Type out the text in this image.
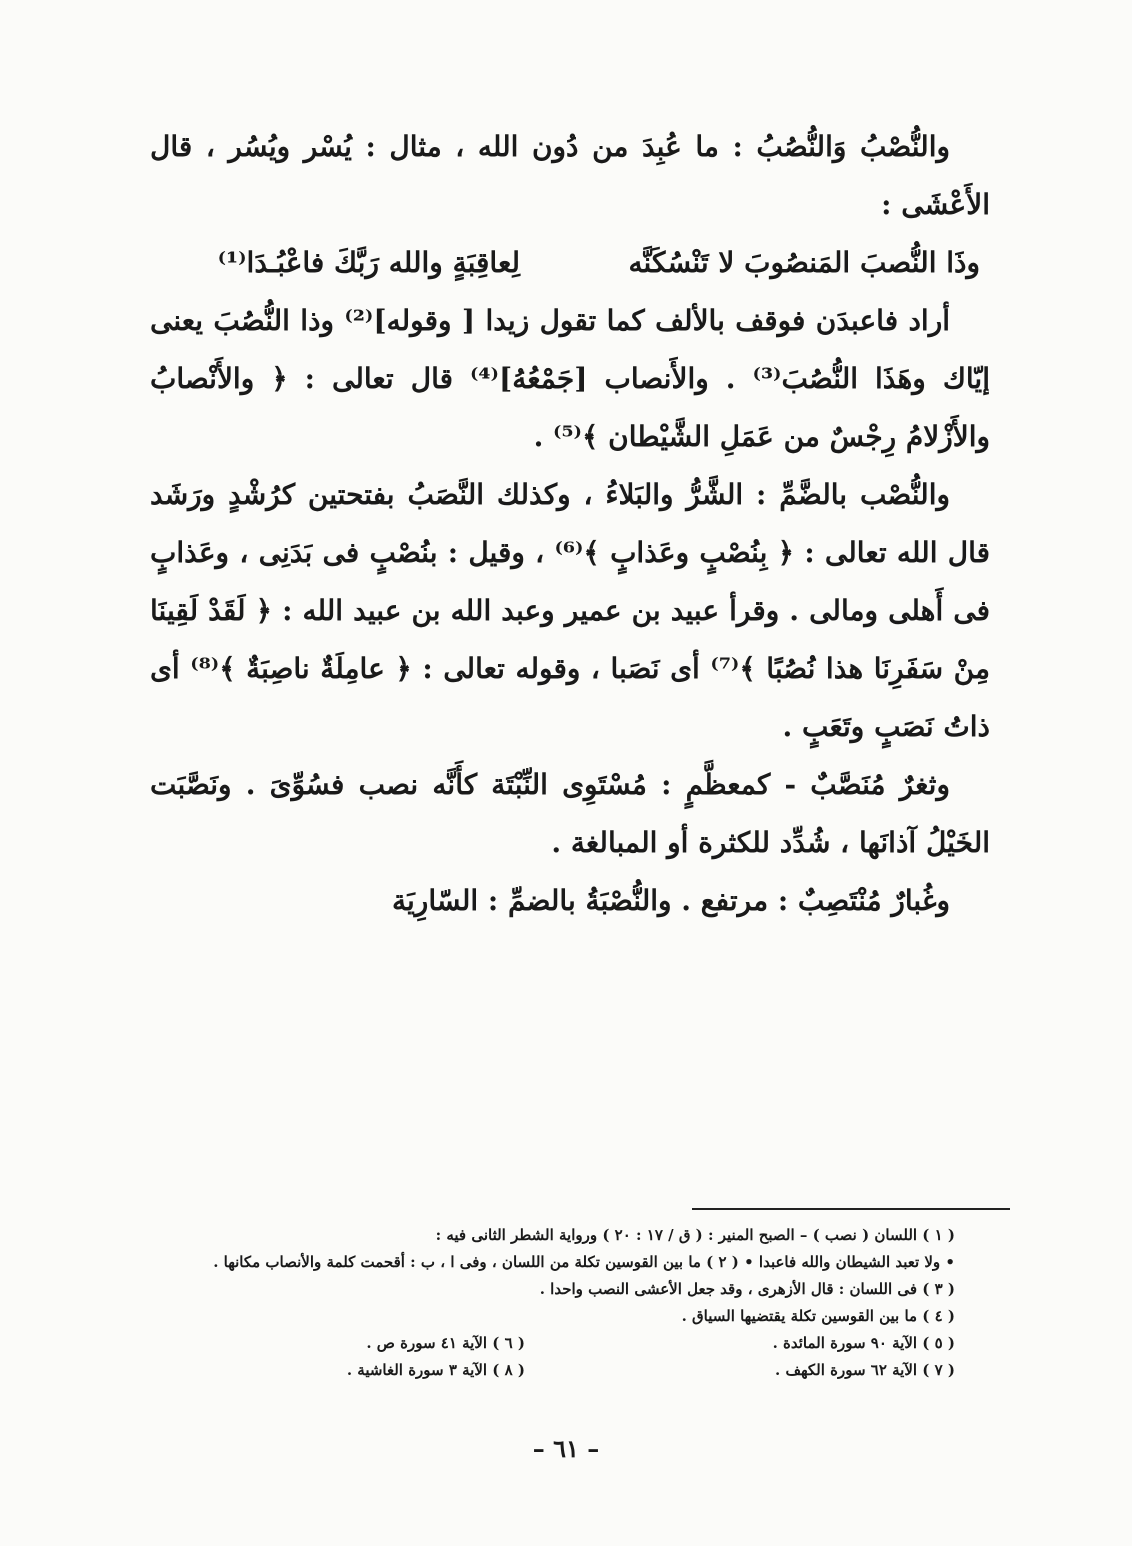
والنُّصْبُ وَالنُّصُبُ : ما عُبِدَ من دُون الله ، مثال : يُسْر ويُسُر ، قال الأَعْشَى :

وذَا النُّصبَ المَنصُوبَ لا تَنْسُكَنَّه
لِعاقِبَةٍ والله رَبَّكَ فاعْبُـدَا⁽¹⁾

أراد فاعبدَن فوقف بالألف كما تقول زيدا [ وقوله]⁽²⁾ وذا النُّصُبَ يعنى إيّاك وهَذَا النُّصُبَ⁽³⁾ . والأَنصاب [جَمْعُهُ]⁽⁴⁾ قال تعالى : ﴿ والأَنْصابُ والأَزْلامُ رِجْسٌ من عَمَلِ الشَّيْطان ﴾⁽⁵⁾ .

والنُّصْب بالضَّمِّ : الشَّرُّ والبَلاءُ ، وكذلك النَّصَبُ بفتحتين كرُشْدٍ ورَشَد قال الله تعالى : ﴿ بِنُصْبٍ وعَذابٍ ﴾⁽⁶⁾ ، وقيل : بنُصْبٍ فى بَدَنِى ، وعَذابٍ فى أَهلى ومالى . وقرأ عبيد بن عمير وعبد الله بن عبيد الله : ﴿ لَقَدْ لَقِينَا مِنْ سَفَرِنَا هذا نُصُبًا ﴾⁽⁷⁾ أى نَصَبا ، وقوله تعالى : ﴿ عامِلَةٌ ناصِبَةٌ ﴾⁽⁸⁾ أى ذاتُ نَصَبٍ وتَعَبٍ .

وثغرٌ مُنَصَّبٌ - كمعظَّمٍ : مُسْتَوِى النِّبْتَة كأَنَّه نصب فسُوِّىَ . ونَصَّبَت الخَيْلُ آذانَها ، شُدِّد للكثرة أو المبالغة .

وغُبارٌ مُنْتَصِبٌ : مرتفع . والنُّصْبَةُ بالضمِّ : السّارِيَة

( ١ ) اللسان ( نصب ) – الصبح المنير : ( ق / ١٧ : ٢٠ ) ورواية الشطر الثانى فيه :
• ولا تعبد الشيطان والله فاعبدا • ( ٢ ) ما بين القوسين تكلة من اللسان ، وفى ا ، ب : أقحمت كلمة والأنصاب مكانها .
( ٣ ) فى اللسان : قال الأزهرى ، وقد جعل الأعشى النصب واحدا .
( ٤ ) ما بين القوسين تكلة يقتضيها السياق .
( ٥ ) الآية ٩٠ سورة المائدة .
( ٦ ) الآية ٤١ سورة ص .
( ٧ ) الآية ٦٢ سورة الكهف .
( ٨ ) الآية ٣ سورة الغاشية .
– ٦١ –
